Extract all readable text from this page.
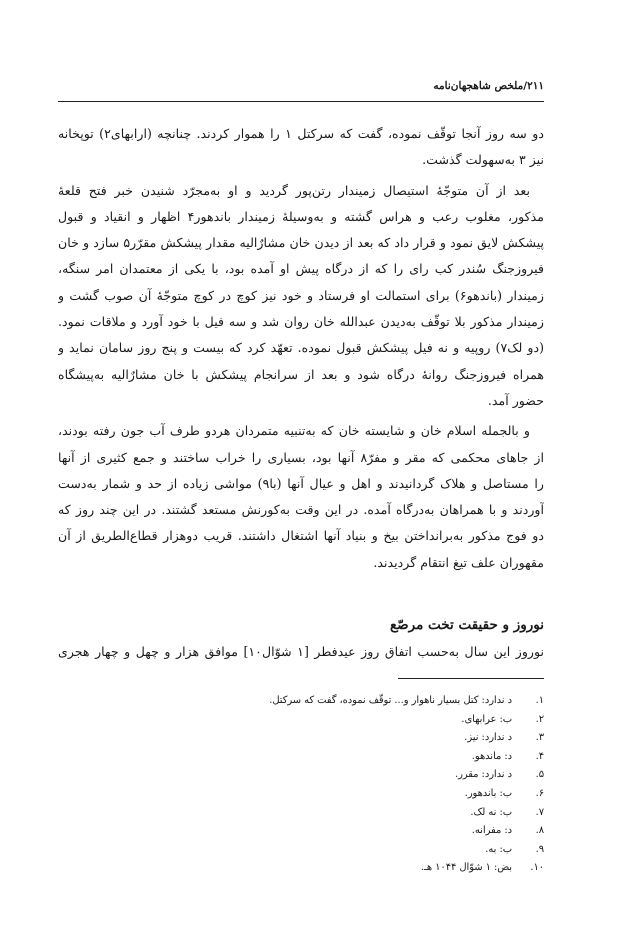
۲۱۱/ملخص شاهجهان‌نامه
دو سه روز آنجا توقّف نموده، گفت که سرکتل ۱ را هموار کردند. چنانچه (ارابهای۲) توپخانه
نیز ۳ به‌سهولت گذشت.
بعد از آن متوجّهٔ استیصال زمیندار رتن‌پور گردید و او به‌مجرّد شنیدن خبر فتح قلعهٔ
مذکور، مغلوب رعب و هراس گشته و به‌وسیلهٔ زمیندار باندهور۴ اظهار و انقیاد و قبول
پیشکش لایق نمود و قرار داد که بعد از دیدن خان مشارٌالیه مقدار پیشکش مقرّر۵ سازد و خان
فیروزجنگ سُندر کب رای را که از درگاه پیش او آمده بود، با یکی از معتمدان امر سنگه،
زمیندار (باندهو۶) برای استمالت او فرستاد و خود نیز کوچ در کوچ متوجّهٔ آن صوب گشت و
زمیندار مذکور بلا توقّف به‌دیدن عبدالله خان روان شد و سه فیل با خود آورد و ملاقات نمود.
(دو لک۷) روپیه و نه فیل پیشکش قبول نموده. تعهّد کرد که بیست و پنج روز سامان نماید و
همراه فیروزجنگ روانهٔ درگاه شود و بعد از سرانجام پیشکش با خان مشارٌالیه به‌پیشگاه
حضور آمد.
و بالجمله اسلام خان و شایسته خان که به‌تنبیه متمردان هردو طرف آب جون رفته بودند،
از جاهای محکمی که مقر و مفرّ۸ آنها بود، بسیاری را خراب ساختند و جمع کثیری از آنها
را مستاصل و هلاک گردانیدند و اهل و عیال آنها (با۹) مواشی زیاده از حد و شمار به‌دست
آوردند و با همراهان به‌درگاه آمده. در این وقت به‌کورنش مستعد گشتند. در این چند روز که
دو فوج مذکور به‌برانداختن بیخ و بنیاد آنها اشتغال داشتند. قریب دوهزار قطاع‌الطریق از آن
مقهوران علف تیغ انتقام گردیدند.
نوروز و حقیقت تخت مرصّع
نوروز این سال به‌حسب اتفاق روز عیدفطر [۱ شوّال۱۰] موافق هزار و چهل و چهار هجری
۱.
د ندارد: کتل بسیار ناهوار و... توقّف نموده، گفت که سرکتل.
۲.
ب: عرابهای.
۳.
د ندارد: نیز.
۴.
د: ماندهو.
۵.
د ندارد: مقرر.
۶.
ب: باندهور.
۷.
ب: نه لک.
۸.
د: مفرانه.
۹.
ب: به.
۱۰.
بض: ۱ شوّال ۱۰۴۴ هـ.
